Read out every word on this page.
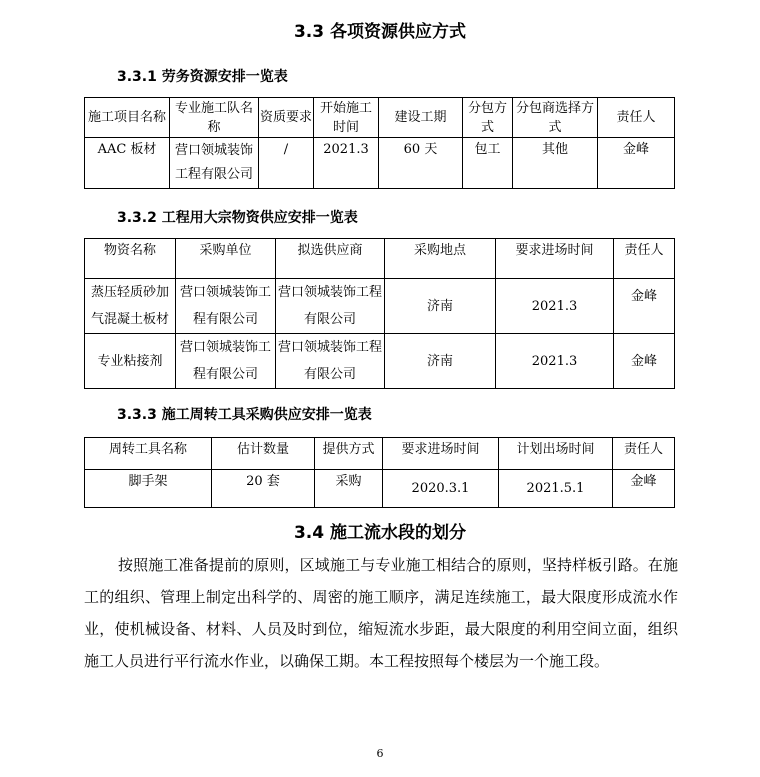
3.3 各项资源供应方式
3.3.1 劳务资源安排一览表
施工项目名称	专业施工队名称	资质要求	开始施工时间	建设工期	分包方式	分包商选择方式	责任人
AAC 板材	营口领城装饰工程有限公司	/	2021.3	60 天	包工	其他	金峰
3.3.2 工程用大宗物资供应安排一览表
物资名称	采购单位	拟选供应商	采购地点	要求进场时间	责任人
蒸压轻质砂加气混凝土板材	营口领城装饰工程有限公司	营口领城装饰工程有限公司	济南	2021.3	金峰
专业粘接剂	营口领城装饰工程有限公司	营口领城装饰工程有限公司	济南	2021.3	金峰
3.3.3 施工周转工具采购供应安排一览表
周转工具名称	估计数量	提供方式	要求进场时间	计划出场时间	责任人
脚手架	20 套	采购	2020.3.1	2021.5.1	金峰
3.4 施工流水段的划分

按照施工准备提前的原则，区域施工与专业施工相结合的原则，坚持样板引路。在施工的组织、管理上制定出科学的、周密的施工顺序，满足连续施工，最大限度形成流水作业，使机械设备、材料、人员及时到位，缩短流水步距，最大限度的利用空间立面，组织施工人员进行平行流水作业，以确保工期。本工程按照每个楼层为一个施工段。

6
